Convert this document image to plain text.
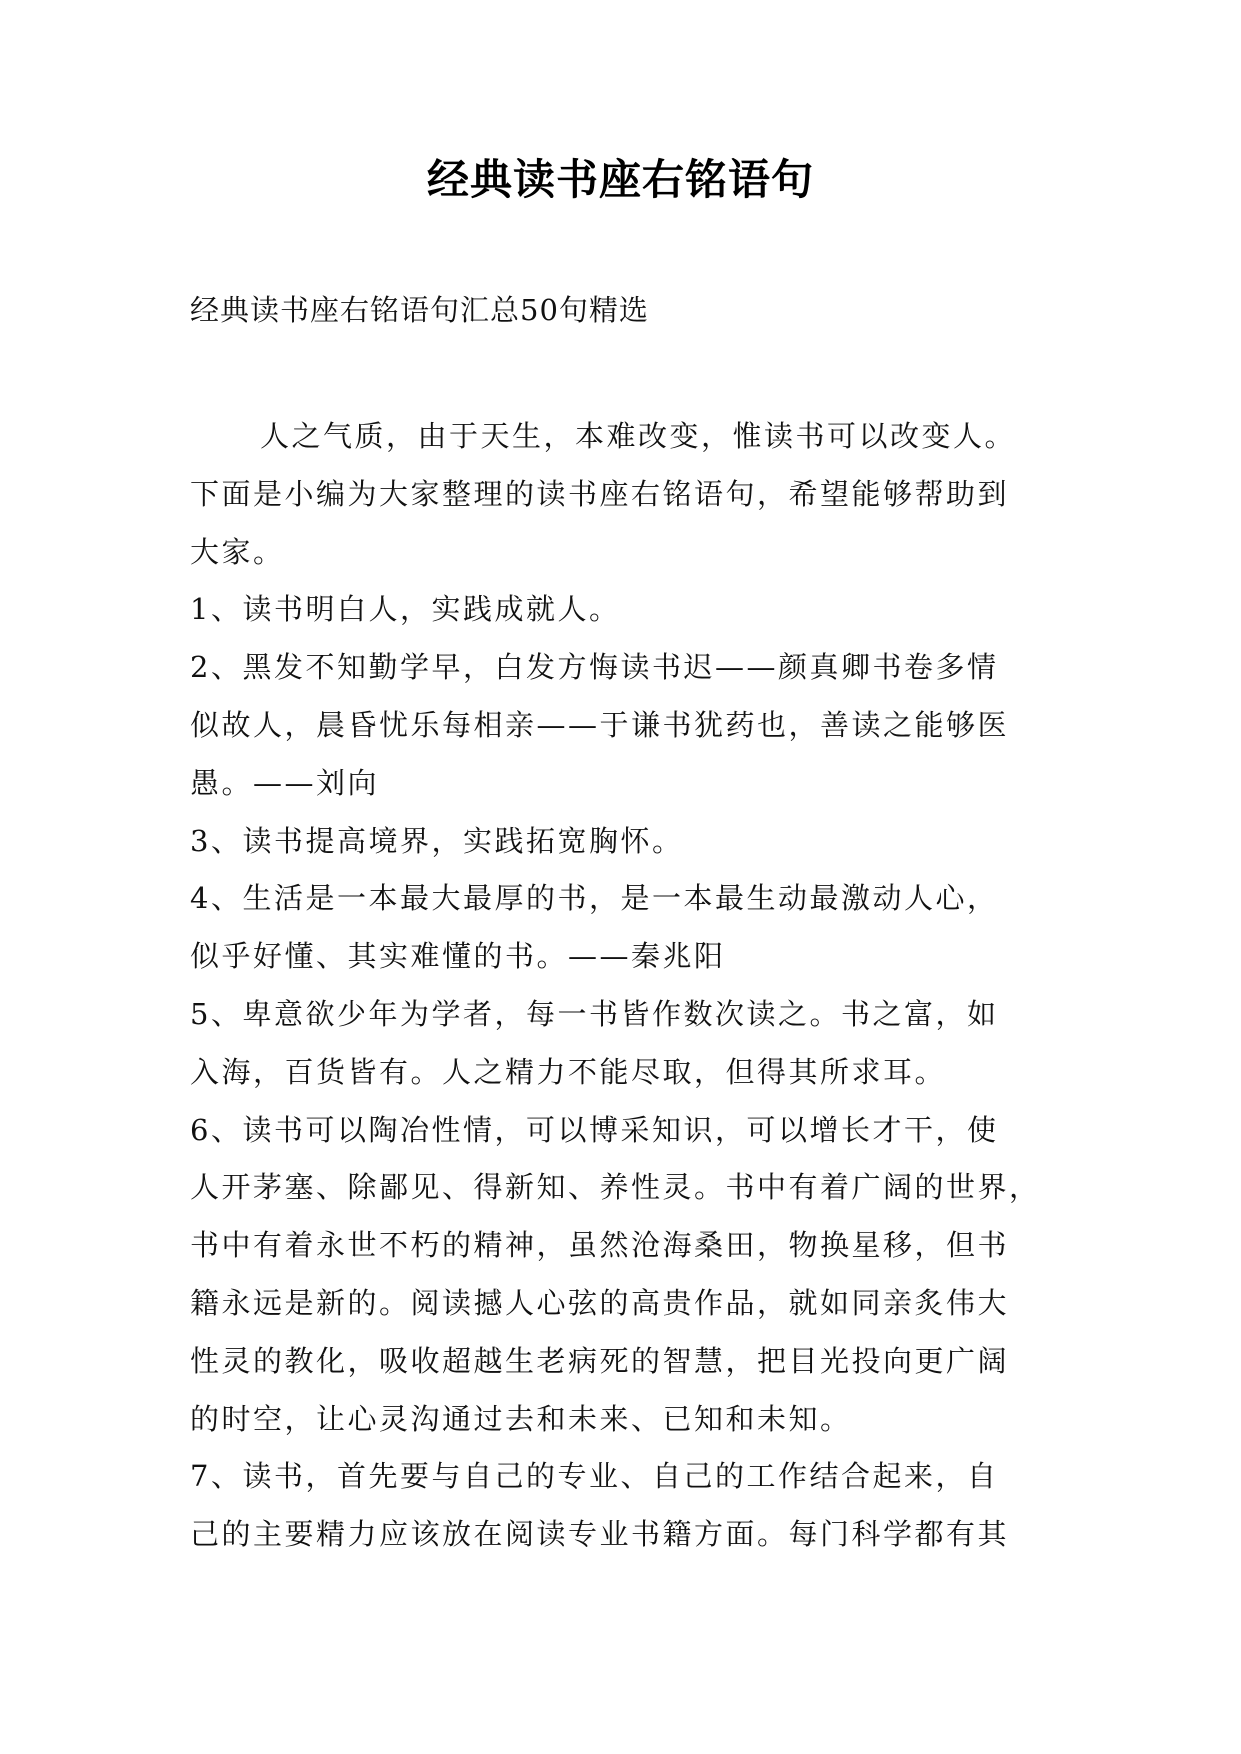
经典读书座右铭语句
经典读书座右铭语句汇总50句精选
人之气质，由于天生，本难改变，惟读书可以改变人。
下面是小编为大家整理的读书座右铭语句，希望能够帮助到
大家。
1、读书明白人，实践成就人。
2、黑发不知勤学早，白发方悔读书迟——颜真卿书卷多情
似故人，晨昏忧乐每相亲——于谦书犹药也，善读之能够医
愚。——刘向
3、读书提高境界，实践拓宽胸怀。
4、生活是一本最大最厚的书，是一本最生动最激动人心，
似乎好懂、其实难懂的书。——秦兆阳
5、卑意欲少年为学者，每一书皆作数次读之。书之富，如
入海，百货皆有。人之精力不能尽取，但得其所求耳。
6、读书可以陶冶性情，可以博采知识，可以增长才干，使
人开茅塞、除鄙见、得新知、养性灵。书中有着广阔的世界，
书中有着永世不朽的精神，虽然沧海桑田，物换星移，但书
籍永远是新的。阅读撼人心弦的高贵作品，就如同亲炙伟大
性灵的教化，吸收超越生老病死的智慧，把目光投向更广阔
的时空，让心灵沟通过去和未来、已知和未知。
7、读书，首先要与自己的专业、自己的工作结合起来，自
己的主要精力应该放在阅读专业书籍方面。每门科学都有其
